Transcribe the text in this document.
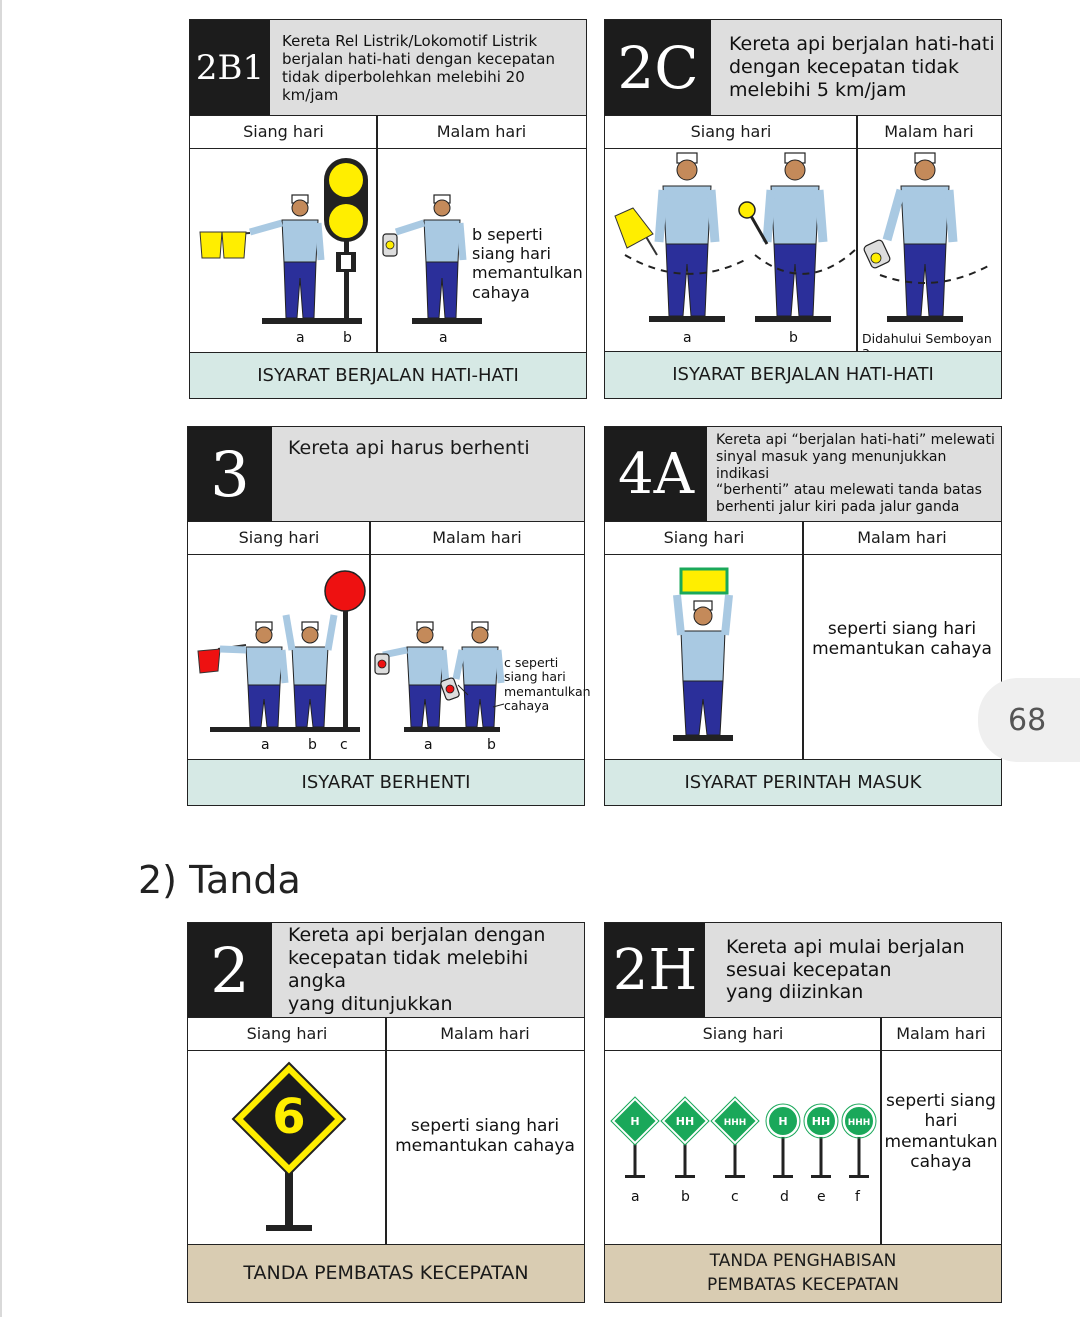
2B1
Kereta Rel Listrik/Lokomotif Listrik
berjalan hati-hati dengan kecepatan
tidak diperbolehkan melebihi 20 km/jam
Siang hari	Malam hari
b seperti
siang hari
memantulkan
cahaya
a	b	a
ISYARAT BERJALAN HATI-HATI
2C	Kereta api berjalan hati-hati
dengan kecepatan tidak
melebihi 5 km/jam
Siang hari	Malam hari
a	b	Didahului Semboyan
ISYARAT BERJALAN HATI-HATI
3	Kereta api harus berhenti
Siang hari	Malam hari
c seperti
siang hari
memantulkan
cahaya
a	b c	a	b
ISYARAT BERHENTI
4A
Kereta api “berjalan hati-hati” melewati
sinyal masuk yang menunjukkan indikasi
“berhenti” atau melewati tanda batas
berhenti jalur kiri pada jalur ganda
Siang hari	Malam hari
seperti siang hari
memantukan cahaya
ISYARAT PERINTAH MASUK
68
2) Tanda
2	Kereta api berjalan dengan
kecepatan tidak melebihi angka
yang ditunjukkan
Siang hari	Malam hari
6	seperti siang hari
memantukan cahaya
TANDA PEMBATAS KECEPATAN
2H	Kereta api mulai berjalan
sesuai kecepatan
yang diizinkan
Siang hari	Malam hari
H	HH	HHH	H HH HHH
a	b	c	d e f
seperti siang
hari
memantukan
cahaya
TANDA PENGHABISAN
PEMBATAS KECEPATAN
